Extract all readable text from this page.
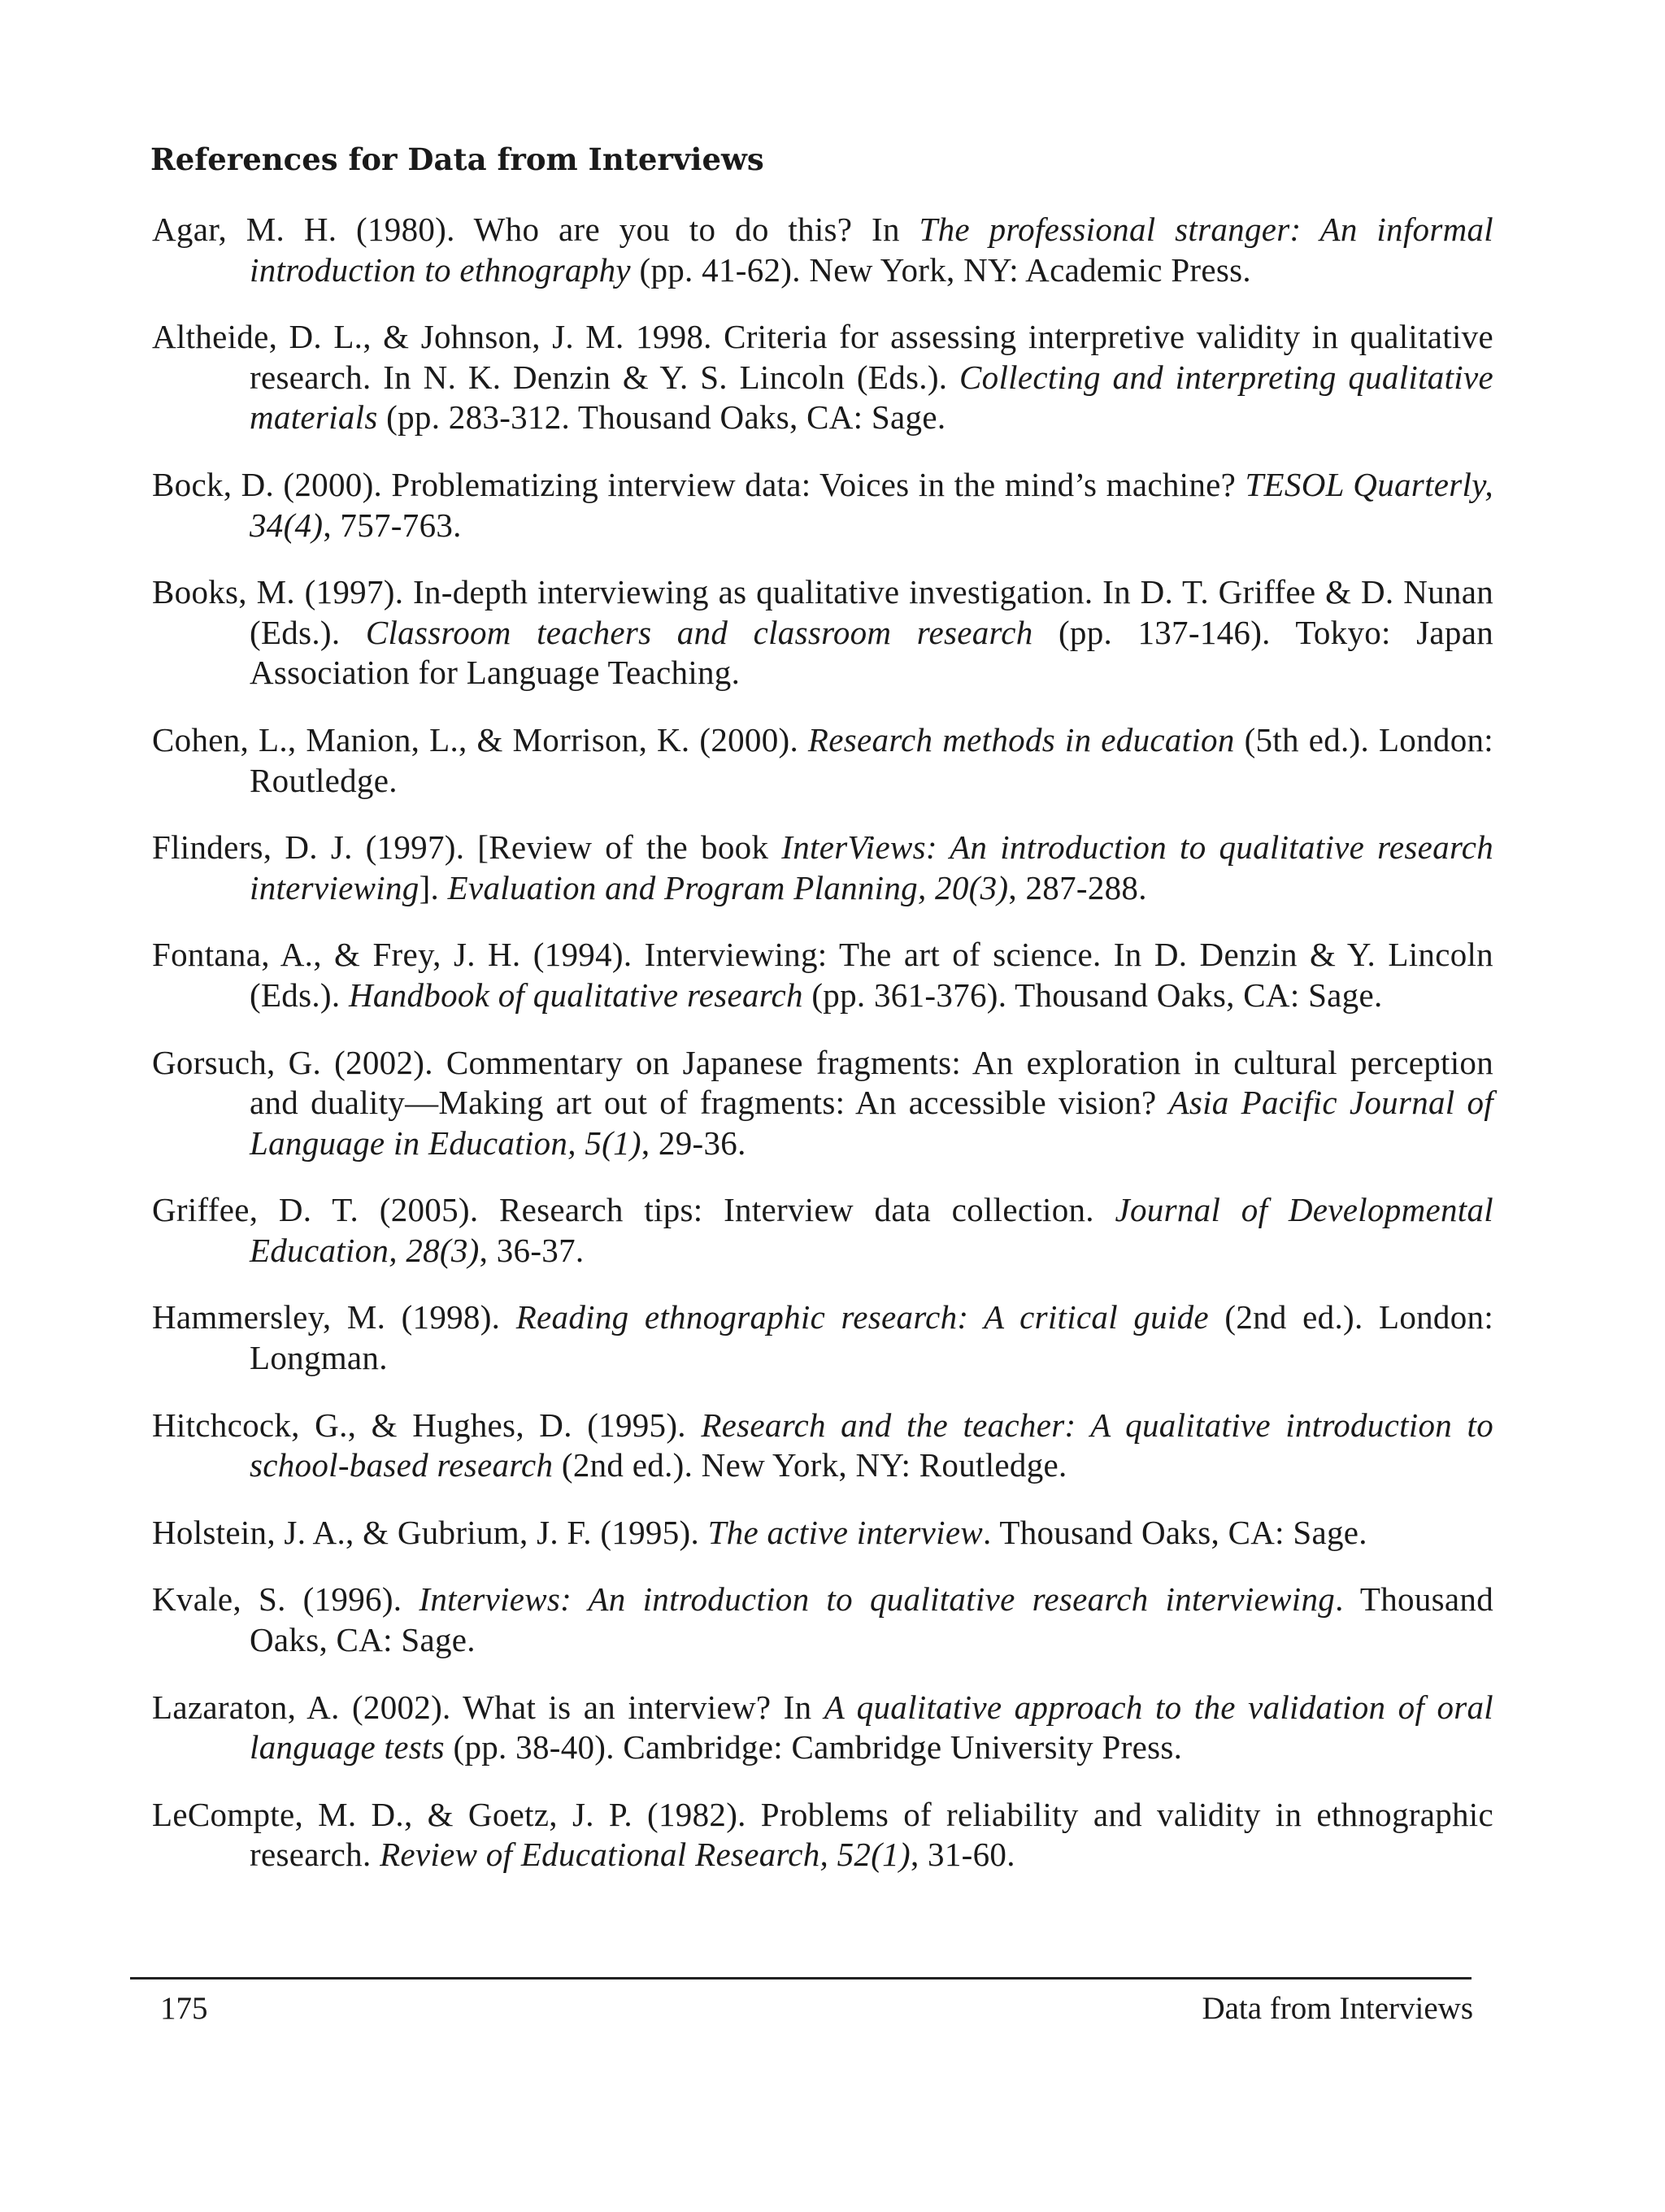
References for Data from Interviews

Agar, M. H. (1980). Who are you to do this? In The professional stranger: An informal introduction to ethnography (pp. 41-62). New York, NY: Academic Press.

Altheide, D. L., & Johnson, J. M. 1998. Criteria for assessing interpretive validity in qualitative research. In N. K. Denzin & Y. S. Lincoln (Eds.). Collecting and interpreting qualitative materials (pp. 283-312. Thousand Oaks, CA: Sage.

Bock, D. (2000). Problematizing interview data: Voices in the mind’s machine? TESOL Quarterly, 34(4), 757-763.

Books, M. (1997). In-depth interviewing as qualitative investigation. In D. T. Griffee & D. Nunan (Eds.). Classroom teachers and classroom research (pp. 137-146). Tokyo: Japan Association for Language Teaching.

Cohen, L., Manion, L., & Morrison, K. (2000). Research methods in education (5th ed.). London: Routledge.

Flinders, D. J. (1997). [Review of the book InterViews: An introduction to qualitative research interviewing]. Evaluation and Program Planning, 20(3), 287-288.

Fontana, A., & Frey, J. H. (1994). Interviewing: The art of science. In D. Denzin & Y. Lincoln (Eds.). Handbook of qualitative research (pp. 361-376). Thousand Oaks, CA: Sage.

Gorsuch, G. (2002). Commentary on Japanese fragments: An exploration in cultural perception and duality—Making art out of fragments: An accessible vision? Asia Pacific Journal of Language in Education, 5(1), 29-36.

Griffee, D. T. (2005). Research tips: Interview data collection. Journal of Developmental Education, 28(3), 36-37.

Hammersley, M. (1998). Reading ethnographic research: A critical guide (2nd ed.). London: Longman.

Hitchcock, G., & Hughes, D. (1995). Research and the teacher: A qualitative introduction to school-based research (2nd ed.). New York, NY: Routledge.

Holstein, J. A., & Gubrium, J. F. (1995). The active interview. Thousand Oaks, CA: Sage.

Kvale, S. (1996). Interviews: An introduction to qualitative research interviewing. Thousand Oaks, CA: Sage.

Lazaraton, A. (2002). What is an interview? In A qualitative approach to the validation of oral language tests (pp. 38-40). Cambridge: Cambridge University Press.

LeCompte, M. D., & Goetz, J. P. (1982). Problems of reliability and validity in ethnographic research. Review of Educational Research, 52(1), 31-60.

175	Data from Interviews
